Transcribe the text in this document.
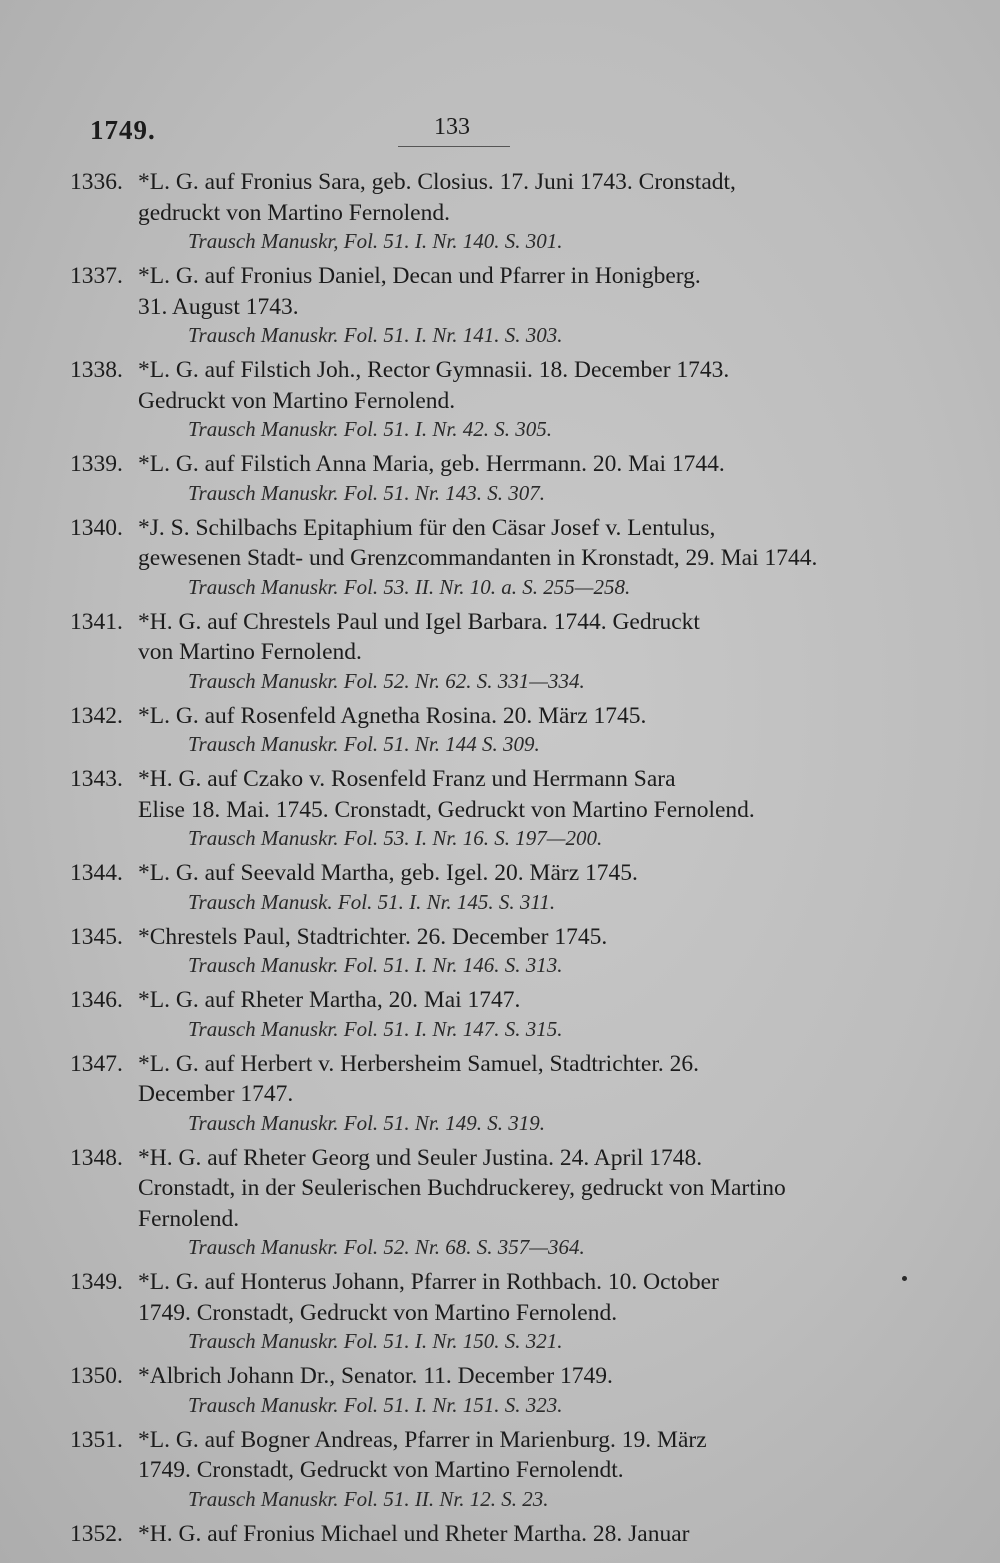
1749.	133
1336. *L. G. auf Fronius Sara, geb. Closius. 17. Juni 1743. Cronstadt,
gedruckt von Martino Fernolend.
Trausch Manuskr, Fol. 51. I. Nr. 140. S. 301.
1337. *L. G. auf Fronius Daniel, Decan und Pfarrer in Honigberg.
31. August 1743.
Trausch Manuskr. Fol. 51. I. Nr. 141. S. 303.
1338. *L. G. auf Filstich Joh., Rector Gymnasii. 18. December 1743.
Gedruckt von Martino Fernolend.
Trausch Manuskr. Fol. 51. I. Nr. 42. S. 305.
1339. *L. G. auf Filstich Anna Maria, geb. Herrmann. 20. Mai 1744.
Trausch Manuskr. Fol. 51. Nr. 143. S. 307.
1340. *J. S. Schilbachs Epitaphium für den Cäsar Josef v. Lentulus,
gewesenen Stadt- und Grenzcommandanten in Kronstadt, 29. Mai 1744.
Trausch Manuskr. Fol. 53. II. Nr. 10. a. S. 255—258.
1341. *H. G. auf Chrestels Paul und Igel Barbara. 1744. Gedruckt
von Martino Fernolend.
Trausch Manuskr. Fol. 52. Nr. 62. S. 331—334.
1342. *L. G. auf Rosenfeld Agnetha Rosina. 20. März 1745.
Trausch Manuskr. Fol. 51. Nr. 144 S. 309.
1343. *H. G. auf Czako v. Rosenfeld Franz und Herrmann Sara
Elise 18. Mai. 1745. Cronstadt, Gedruckt von Martino Fernolend.
Trausch Manuskr. Fol. 53. I. Nr. 16. S. 197—200.
1344. *L. G. auf Seevald Martha, geb. Igel. 20. März 1745.
Trausch Manusk. Fol. 51. I. Nr. 145. S. 311.
1345. *Chrestels Paul, Stadtrichter. 26. December 1745.
Trausch Manuskr. Fol. 51. I. Nr. 146. S. 313.
1346. *L. G. auf Rheter Martha, 20. Mai 1747.
Trausch Manuskr. Fol. 51. I. Nr. 147. S. 315.
1347. *L. G. auf Herbert v. Herbersheim Samuel, Stadtrichter. 26.
December 1747.
Trausch Manuskr. Fol. 51. Nr. 149. S. 319.
1348. *H. G. auf Rheter Georg und Seuler Justina. 24. April 1748.
Cronstadt, in der Seulerischen Buchdruckerey, gedruckt von Martino
Fernolend.
Trausch Manuskr. Fol. 52. Nr. 68. S. 357—364.
1349. *L. G. auf Honterus Johann, Pfarrer in Rothbach. 10. October
1749. Cronstadt, Gedruckt von Martino Fernolend.
Trausch Manuskr. Fol. 51. I. Nr. 150. S. 321.
1350. *Albrich Johann Dr., Senator. 11. December 1749.
Trausch Manuskr. Fol. 51. I. Nr. 151. S. 323.
1351. *L. G. auf Bogner Andreas, Pfarrer in Marienburg. 19. März
1749. Cronstadt, Gedruckt von Martino Fernolendt.
Trausch Manuskr. Fol. 51. II. Nr. 12. S. 23.
1352. *H. G. auf Fronius Michael und Rheter Martha. 28. Januar
